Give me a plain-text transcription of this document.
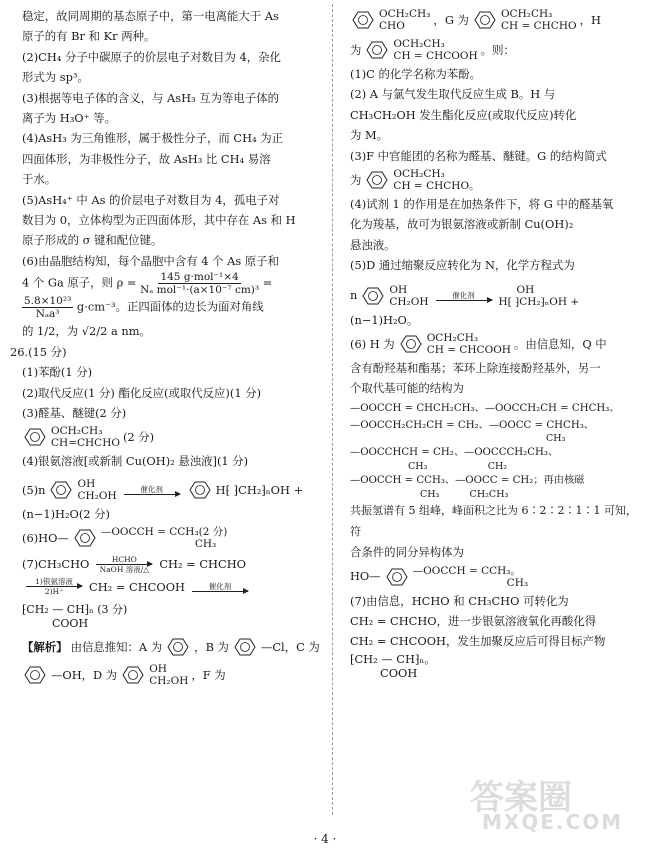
稳定，故同周期的基态原子中，第一电离能大于 As

原子的有 Br 和 Kr 两种。

(2)CH₄ 分子中碳原子的价层电子对数目为 4，杂化

形式为 sp³。

(3)根据等电子体的含义，与 AsH₃ 互为等电子体的

离子为 H₃O⁺ 等。

(4)AsH₃ 为三角锥形，属于极性分子，而 CH₄ 为正

四面体形，为非极性分子，故 AsH₃ 比 CH₄ 易溶

于水。

(5)AsH₄⁺ 中 As 的价层电子对数目为 4，孤电子对

数目为 0，立体构型为正四面体形，其中存在 As 和 H

原子形成的 σ 键和配位键。

(6)由晶胞结构知，每个晶胞中含有 4 个 As 原子和

4 个 Ga 原子，则 $\rho = \frac{\text{145 g·mol⁻¹×4}}{\text{Nₐ mol⁻¹·(a×10⁻⁷ cm)³}}$ =

$\frac{\text{5.8×10²³}}{\text{Nₐa³}} g\cdot cm^{-3}$。正四面体的边长为面对角线

的 1/2，为 √2/2 a nm。

26.(15 分)

(1)苯酚(1 分)

(2)取代反应(1 分) 酯化反应(或取代反应)(1 分)

(3)醛基、醚键(2 分)

OCH₂CH₃
CH=CHCHO (2 分)

(4)银氨溶液[或新制 Cu(OH)₂ 悬浊液](1 分)

(5)n	OH
CH₂OH
催化剂	H⁅ ⁆CH₂⁆ₙOH +

(n−1)H₂O(2 分)

(6)HO—	—OOCCH = CCH₃(2 分)
CH₃
(7)CH₃CHO	HCHO
NaOH 溶液/△ CH₂ = CHCHO
1)银氨溶液
2)H⁺ CH₂ = CHCOOH	催化剂
⁅CH₂ — CH⁆ₙ (3 分)
COOH
【解析】 由信息推知：A 为	，B 为	—Cl，C 为
—OH，D 为	OH
CH₂OH ，F 为
OCH₂CH₃
CHO	，G 为	OCH₂CH₃
CH = CHCHO ，H
为	OCH₂CH₃
CH = CHCOOH 。则：

(1)C 的化学名称为苯酚。

(2) A 与氯气发生取代反应生成 B。H 与

CH₃CH₂OH 发生酯化反应(或取代反应)转化

为 M。

(3)F 中官能团的名称为醛基、醚键。G 的结构简式

为	OCH₂CH₃
CH = CHCHO。

(4)试剂 1 的作用是在加热条件下，将 G 中的醛基氧

化为羧基，故可为银氨溶液或新制 Cu(OH)₂

悬浊液。

(5)D 通过缩聚反应转化为 N，化学方程式为

n	OH
CH₂OH
催化剂	OH
H⁅ ⁆CH₂⁆ₙOH +

(n−1)H₂O。

(6) H 为	OCH₂CH₃
CH = CHCOOH 。由信息知，Q 中

含有酚羟基和酯基；苯环上除连接酚羟基外，另一

个取代基可能的结构为

—OOCCH = CHCH₂CH₃、—OOCCH₂CH = CHCH₃、

—OOCCH₂CH₂CH = CH₂、—OOCC = CHCH₃、

CH₃

—OOCCHCH = CH₂、—OOCCCH₂CH₃、

CH₃                    CH₂

—OOCCH = CCH₃、—OOCC = CH₂；再由核磁

CH₃          CH₂CH₃

共振氢谱有 5 组峰，峰面积之比为 6∶2∶2∶1∶1 可知，符

合条件的同分异构体为

HO—	—OOCCH = CCH₃。
CH₃

(7)由信息，HCHO 和 CH₃CHO 可转化为

CH₂ = CHCHO，进一步银氨溶液氧化再酸化得

CH₂ = CHCOOH，发生加聚反应后可得目标产物

⁅CH₂ — CH⁆ₙ。

COOH

答案圈
MXQE.COM
· 4 ·
